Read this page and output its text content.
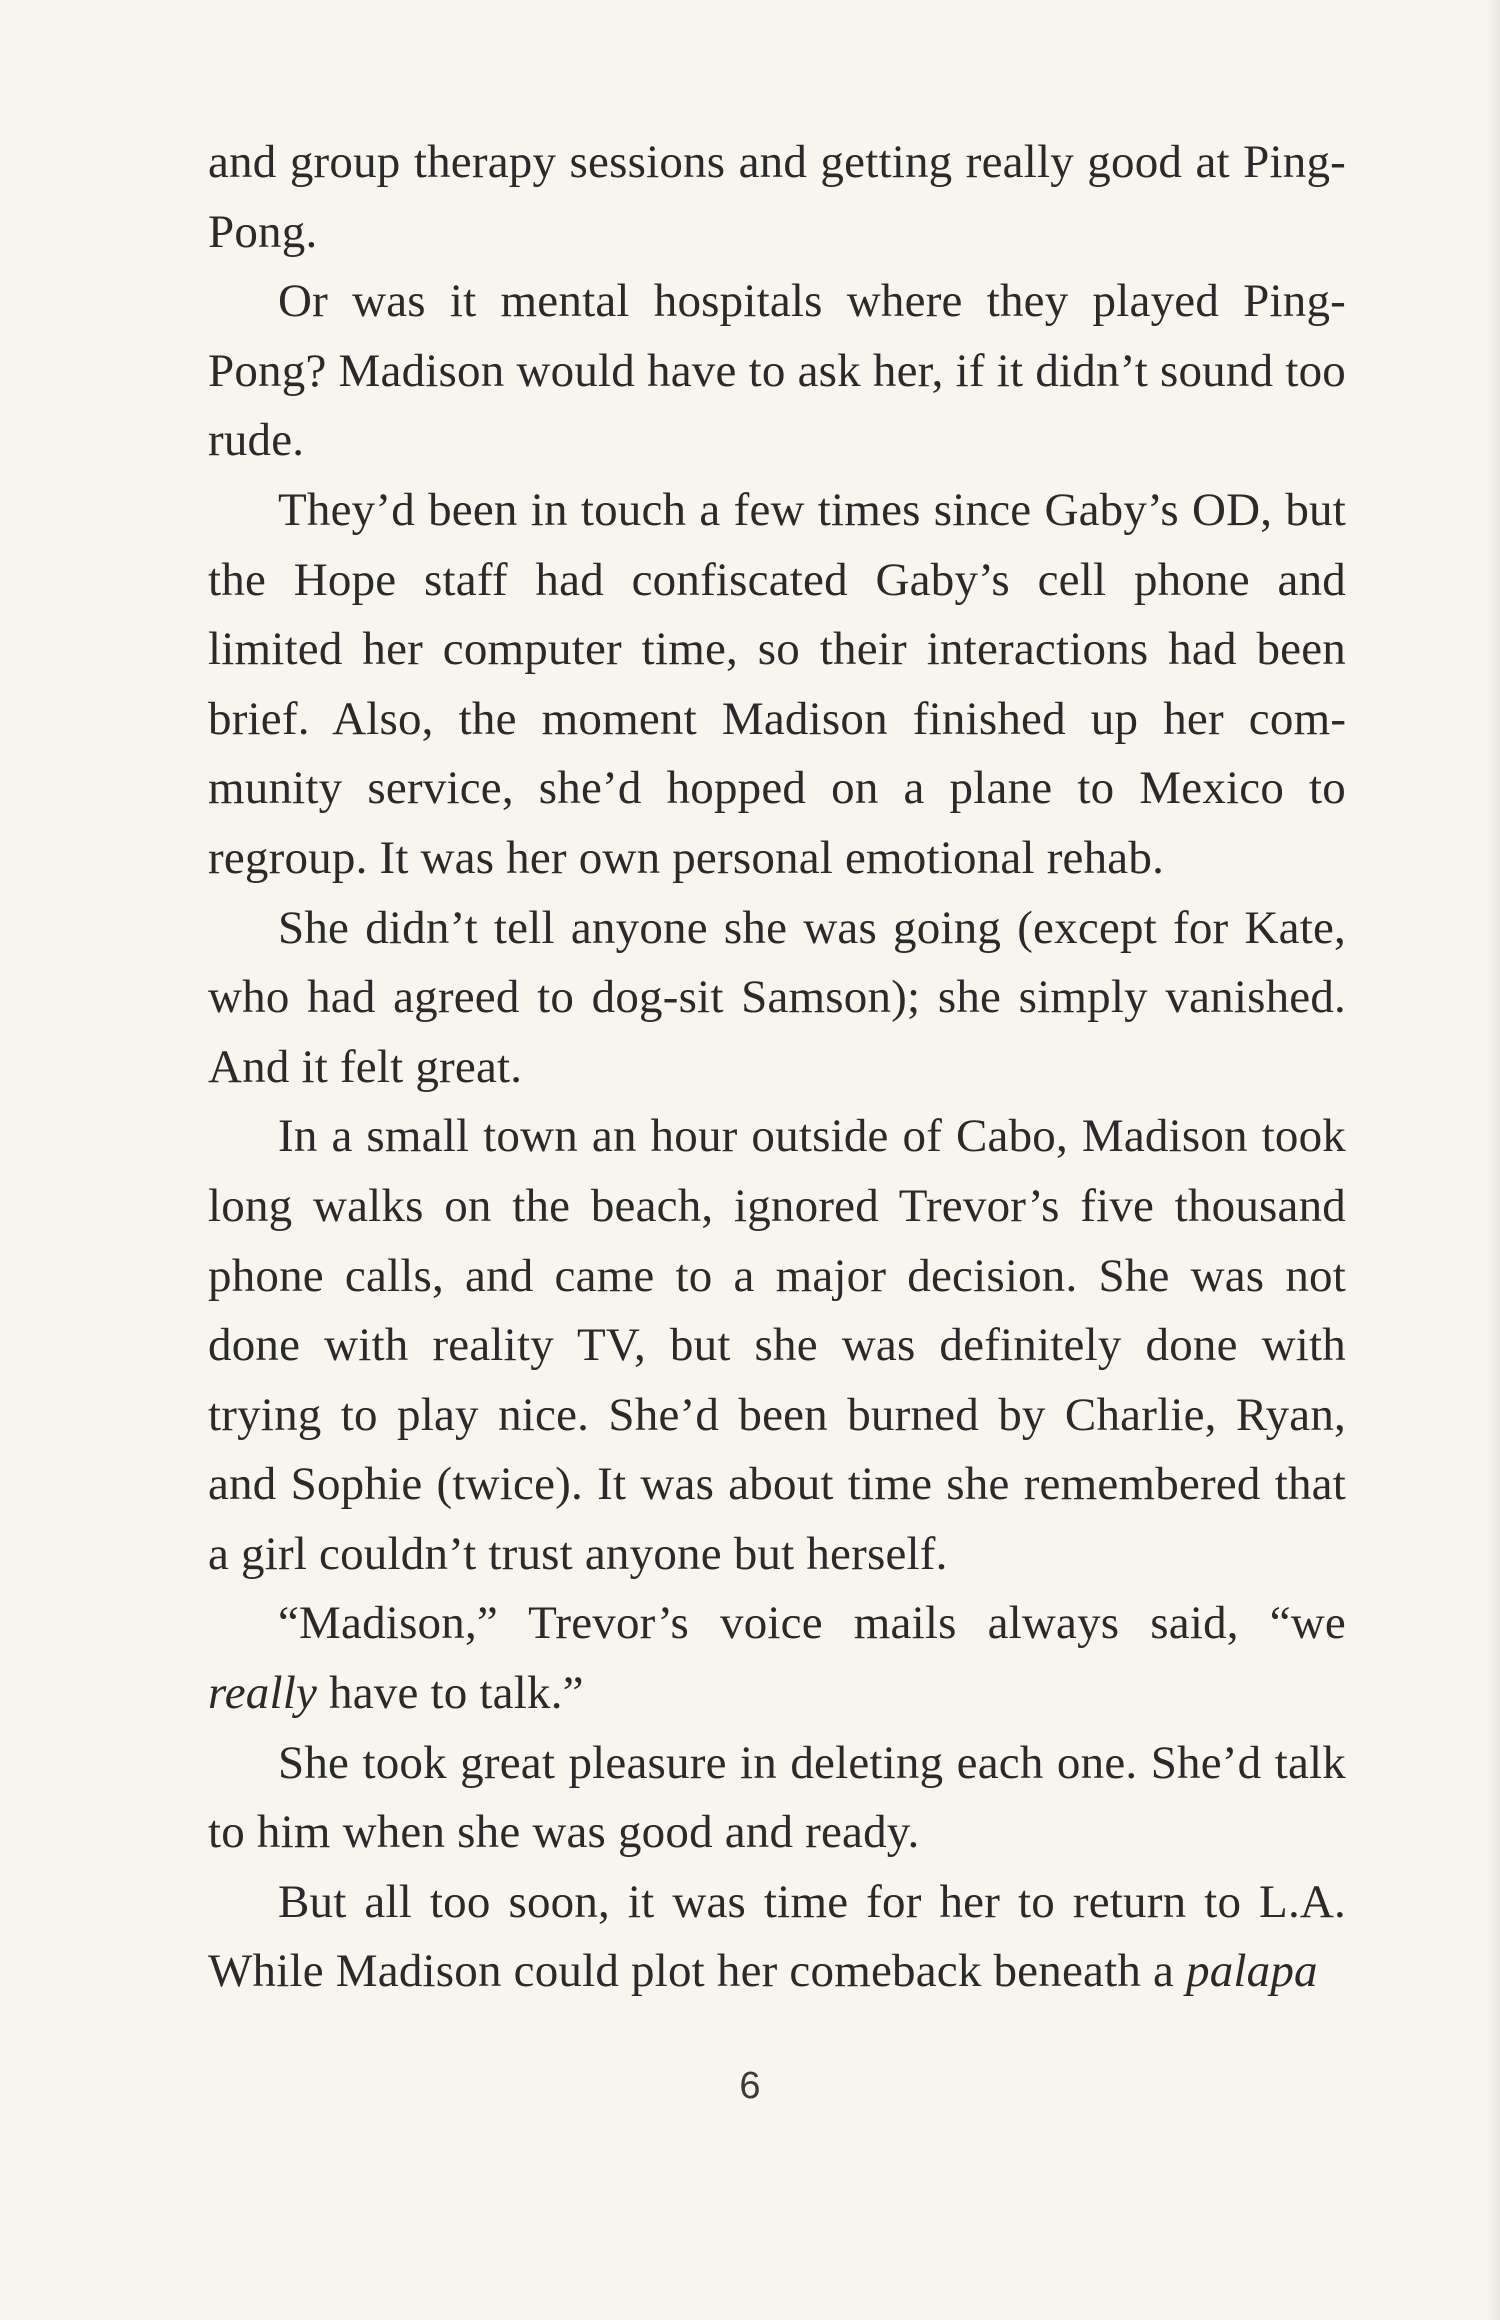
and group therapy sessions and getting really good at Ping-Pong.

Or was it mental hospitals where they played Ping-Pong? Madison would have to ask her, if it didn’t sound too rude.

They’d been in touch a few times since Gaby’s OD, but the Hope staff had confiscated Gaby’s cell phone and limited her computer time, so their interactions had been brief. Also, the moment Madison finished up her community service, she’d hopped on a plane to Mexico to regroup. It was her own personal emotional rehab.

She didn’t tell anyone she was going (except for Kate, who had agreed to dog-sit Samson); she simply vanished. And it felt great.

In a small town an hour outside of Cabo, Madison took long walks on the beach, ignored Trevor’s five thousand phone calls, and came to a major decision. She was not done with reality TV, but she was definitely done with trying to play nice. She’d been burned by Charlie, Ryan, and Sophie (twice). It was about time she remembered that a girl couldn’t trust anyone but herself.

“Madison,” Trevor’s voice mails always said, “we really have to talk.”

She took great pleasure in deleting each one. She’d talk to him when she was good and ready.

But all too soon, it was time for her to return to L.A. While Madison could plot her comeback beneath a palapa

6
